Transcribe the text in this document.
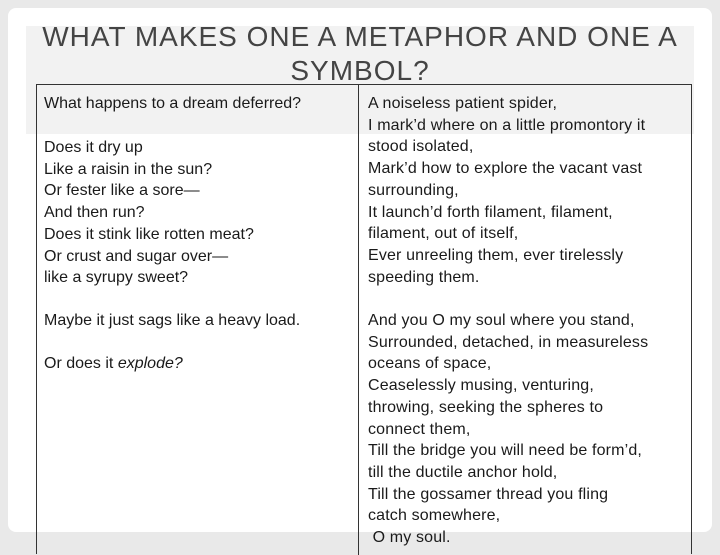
WHAT MAKES ONE A METAPHOR AND ONE A SYMBOL?
What happens to a dream deferred?
Does it dry up
Like a raisin in the sun?
Or fester like a sore—
And then run?
Does it stink like rotten meat?
Or crust and sugar over—
like a syrupy sweet?
Maybe it just sags like a heavy load.
Or does it explode?
A noiseless patient spider,
I mark’d where on a little promontory it
stood isolated,
Mark’d how to explore the vacant vast
surrounding,
It launch’d forth filament, filament,
filament, out of itself,
Ever unreeling them, ever tirelessly
speeding them.
And you O my soul where you stand,
Surrounded, detached, in measureless
oceans of space,
Ceaselessly musing, venturing,
throwing, seeking the spheres to
connect them,
Till the bridge you will need be form’d,
till the ductile anchor hold,
Till the gossamer thread you fling
catch somewhere,
O my soul.
